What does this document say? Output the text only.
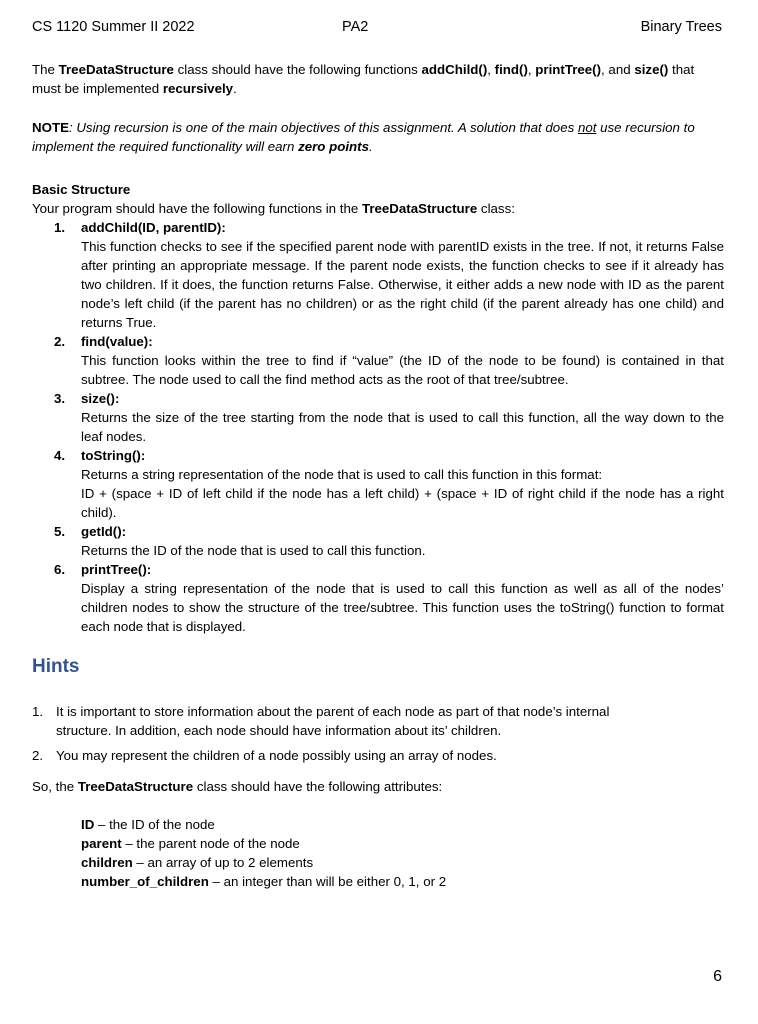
CS 1120 Summer II 2022	PA2	Binary Trees

The TreeDataStructure class should have the following functions addChild(), find(), printTree(), and size() that must be implemented recursively.

NOTE: Using recursion is one of the main objectives of this assignment. A solution that does not use recursion to implement the required functionality will earn zero points.

Basic Structure

Your program should have the following functions in the TreeDataStructure class:

1. addChild(ID, parentID):
This function checks to see if the specified parent node with parentID exists in the tree. If not, it returns False after printing an appropriate message. If the parent node exists, the function checks to see if it already has two children. If it does, the function returns False. Otherwise, it either adds a new node with ID as the parent node’s left child (if the parent has no children) or as the right child (if the parent already has one child) and returns True.
2. find(value):
This function looks within the tree to find if “value” (the ID of the node to be found) is contained in that subtree. The node used to call the find method acts as the root of that tree/subtree.
3. size():
Returns the size of the tree starting from the node that is used to call this function, all the way down to the leaf nodes.
4. toString():
Returns a string representation of the node that is used to call this function in this format:
ID + (space + ID of left child if the node has a left child) + (space + ID of right child if the node has a right child).
5. getId():
Returns the ID of the node that is used to call this function.
6. printTree():
Display a string representation of the node that is used to call this function as well as all of the nodes’ children nodes to show the structure of the tree/subtree. This function uses the toString() function to format each node that is displayed.
Hints
1. It is important to store information about the parent of each node as part of that node’s internal structure. In addition, each node should have information about its’ children.
2. You may represent the children of a node possibly using an array of nodes.

So, the TreeDataStructure class should have the following attributes:

ID – the ID of the node
parent – the parent node of the node
children – an array of up to 2 elements
number_of_children – an integer than will be either 0, 1, or 2
6
